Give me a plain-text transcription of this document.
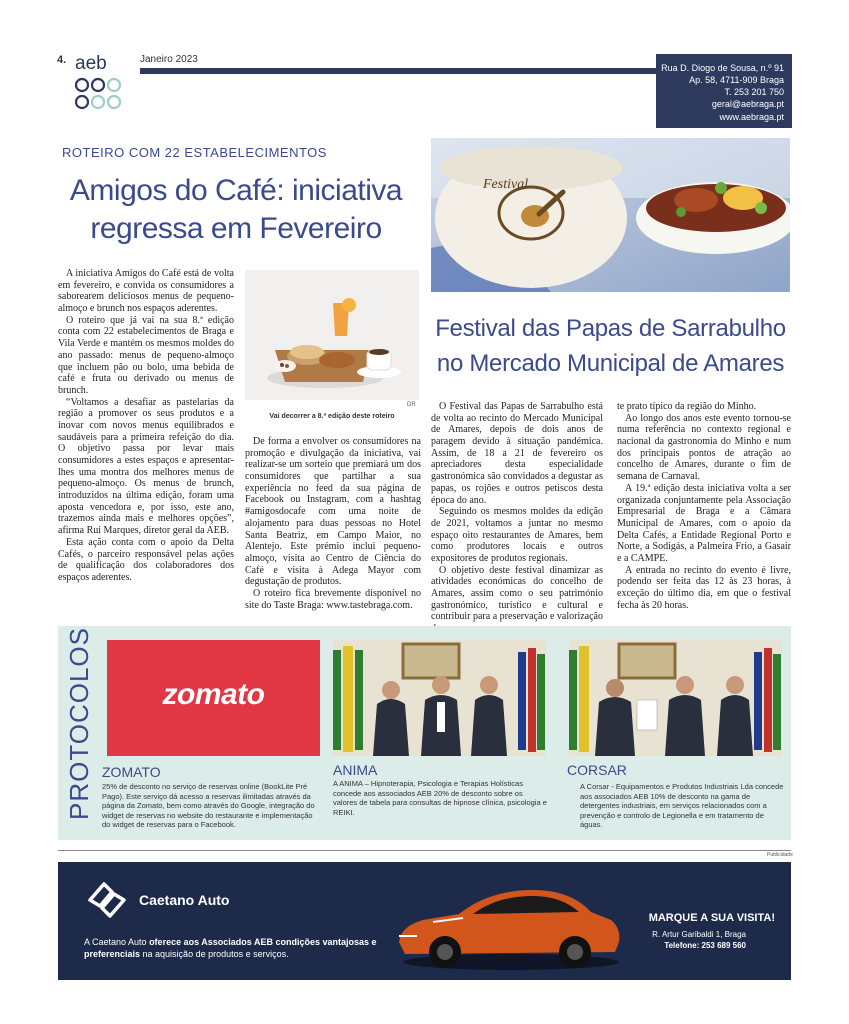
4. aeb	Janeiro 2023
Rua D. Diogo de Sousa, n.º 91
Ap. 58, 4711-909 Braga
T. 253 201 750
geral@aebraga.pt
www.aebraga.pt
ROTEIRO COM 22 ESTABELECIMENTOS
Amigos do Café: iniciativa regressa em Fevereiro

A iniciativa Amigos do Café está de volta em fevereiro, e convida os consumidores a saborearem deliciosos menus de pequeno-almoço e brunch nos espaços aderentes.

O roteiro que já vai na sua 8.ª edição conta com 22 estabelecimentos de Braga e Vila Verde e mantém os mesmos moldes do ano passado: menus de pequeno-almoço que incluem pão ou bolo, uma bebida de café e fruta ou derivado ou menus de brunch.

“Voltamos a desafiar as pastelarias da região a promover os seus produtos e a inovar com novos menus equilibrados e saudáveis para a primeira refeição do dia. O objetivo passa por levar mais consumidores a estes espaços e apresentar-lhes uma montra dos melhores menus de pequeno-almoço. Os menus de brunch, introduzidos na última edição, foram uma aposta vencedora e, por isso, este ano, trazemos ainda mais e melhores opções”, afirma Rui Marques, diretor geral da AEB.

Esta ação conta com o apoio da Delta Cafés, o parceiro responsável pelas ações de qualificação dos colaboradores dos espaços aderentes.

DR
Vai decorrer a 8.ª edição deste roteiro

De forma a envolver os consumidores na promoção e divulgação da iniciativa, vai realizar-se um sorteio que premiará um dos consumidores que partilhar a sua experiência no feed da sua página de Facebook ou Instagram, com a hashtag #amigosdocafe com uma noite de alojamento para duas pessoas no Hotel Santa Beatriz, em Campo Maior, no Alentejo. Este prémio inclui pequeno-almoço, visita ao Centro de Ciência do Café e visita à Adega Mayor com degustação de produtos.

O roteiro fica brevemente disponível no site do Taste Braga: www.tastebraga.com.

Festival
Festival das Papas de Sarrabulho no Mercado Municipal de Amares

O Festival das Papas de Sarrabulho está de volta ao recinto do Mercado Municipal de Amares, depois de dois anos de paragem devido à situação pandémica. Assim, de 18 a 21 de fevereiro os apreciadores desta especialidade gastronómica são convidados a degustar as papas, os rojões e outros petiscos desta época do ano.

Seguindo os mesmos moldes da edição de 2021, voltamos a juntar no mesmo espaço oito restaurantes de Amares, bem como produtores locais e outros expositores de produtos regionais.

O objetivo deste festival dinamizar as atividades económicas do concelho de Amares, assim como o seu património gastronómico, turístico e cultural e contribuir para a preservação e valorização

te prato típico da região do Minho.

Ao longo dos anos este evento tornou-se numa referência no contexto regional e nacional da gastronomia do Minho e num dos principais pontos de atração ao concelho de Amares, durante o fim de semana de Carnaval.

A 19.ª edição desta iniciativa volta a ser organizada conjuntamente pela Associação Empresarial de Braga e a Câmara Municipal de Amares, com o apoio da Delta Cafés, a Entidade Regional Porto e Norte, a Sodigás, a Palmeira Frio, a Gasair e a CAMPE.

A entrada no recinto do evento é livre, podendo ser feita das 12 às 23 horas, à exceção do último dia, em que o festival fecha às 20 horas.

PROTOCOLOS	zomato
ZOMATO
25% de desconto no serviço de reservas online (BookLite Pré Pago). Este serviço dá acesso a reservas ilimitadas através da página da Zomato, bem como através do Google, integração do widget de reservas no website do restaurante e implementação do widget de reservas para o Facebook.
ANIMA
A ANIMA – Hipnoterapia, Psicologia e Terapias Holísticas concede aos associados AEB 20% de desconto sobre os valores de tabela para consultas de hipnose clínica, psicologia e REIKI.
CORSAR
A Corsar - Equipamentos e Produtos Industriais Lda concede aos associados AEB 10% de desconto na gama de detergentes industriais, em serviços relacionados com a prevenção e controlo de Legionella e em tratamento de águas.
Publicidade
Caetano Auto
A Caetano Auto oferece aos Associados AEB condições vantajosas e preferenciais na aquisição de produtos e serviços.
MARQUE A SUA VISITA!
R. Artur Garibaldi 1, Braga
Telefone: 253 689 560
